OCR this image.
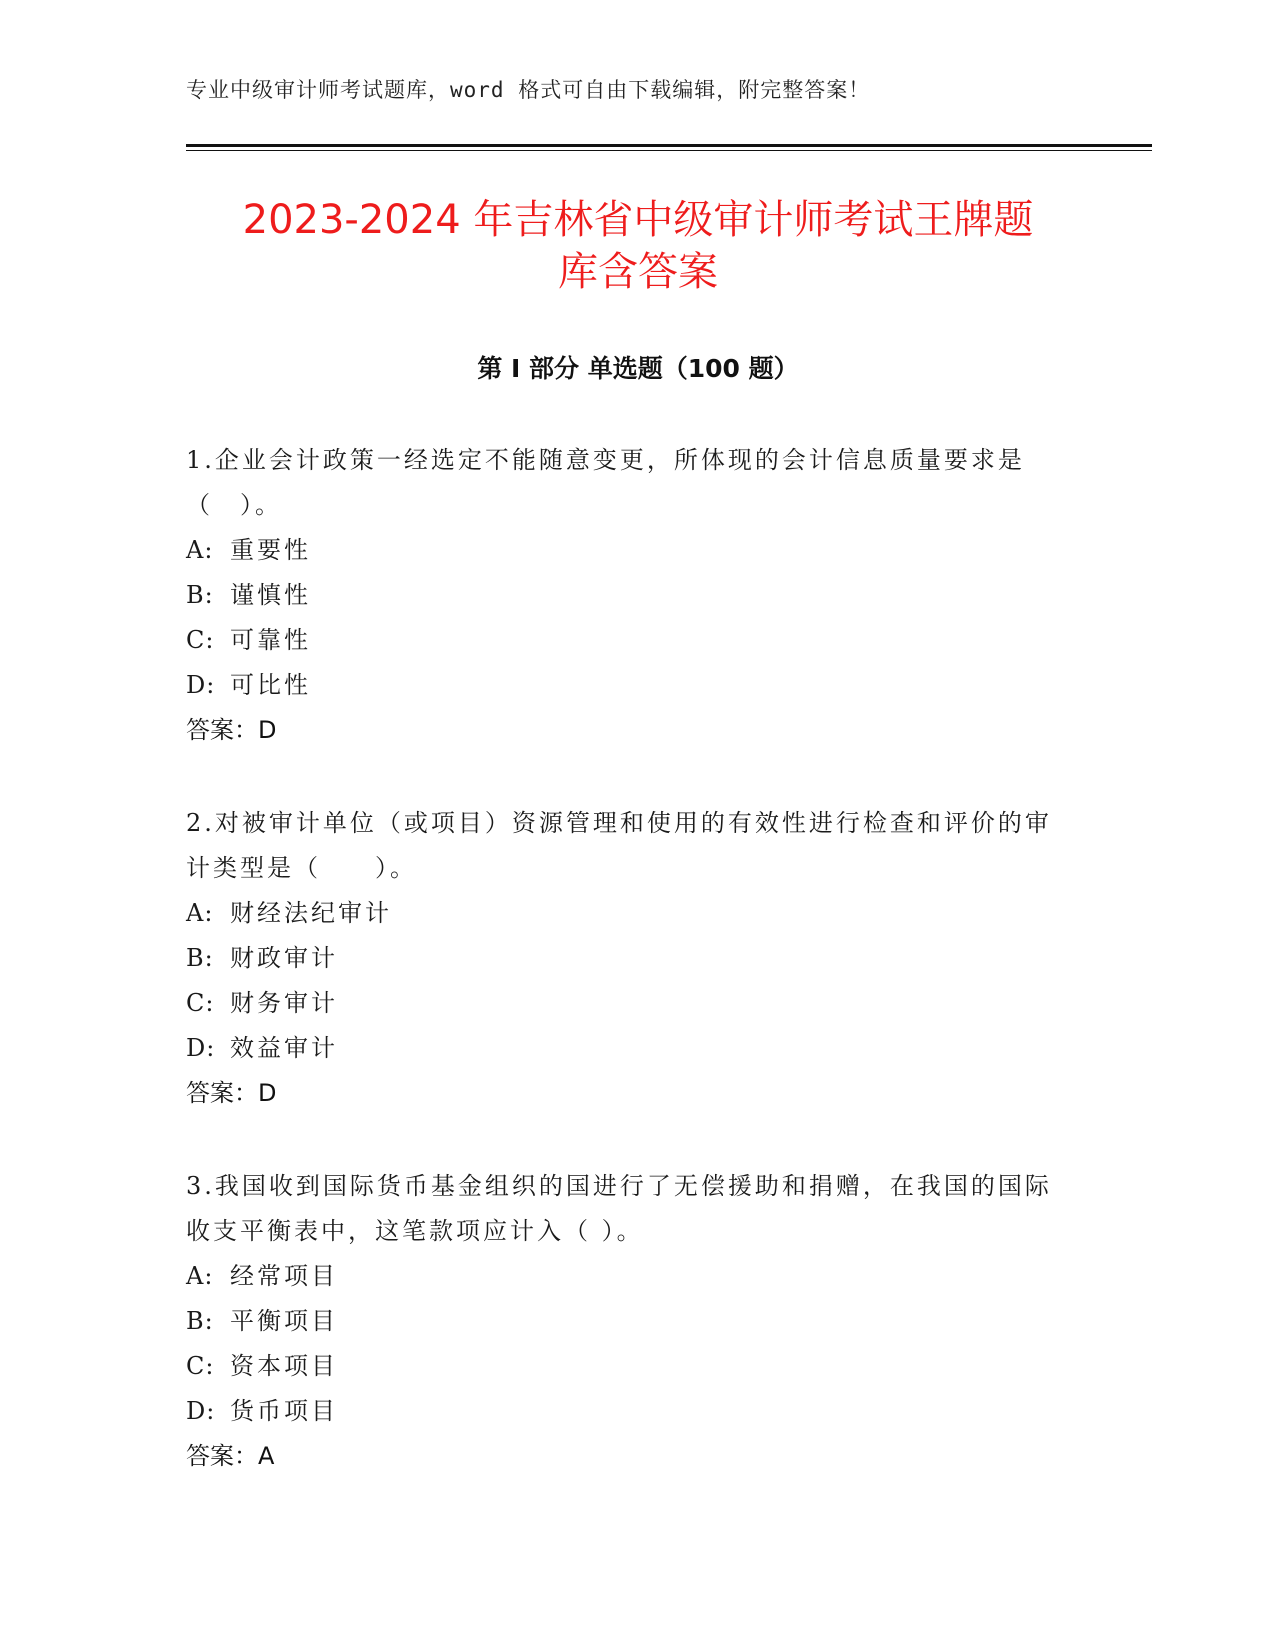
专业中级审计师考试题库，word 格式可自由下载编辑，附完整答案！
2023-2024 年吉林省中级审计师考试王牌题
库含答案
第 I 部分 单选题（100 题）

1.企业会计政策一经选定不能随意变更，所体现的会计信息质量要求是（　）。

A: 重要性

B: 谨慎性

C: 可靠性

D: 可比性

答案：D

2.对被审计单位（或项目）资源管理和使用的有效性进行检查和评价的审计类型是（　　）。

A: 财经法纪审计

B: 财政审计

C: 财务审计

D: 效益审计

答案：D

3.我国收到国际货币基金组织的国进行了无偿援助和捐赠，在我国的国际收支平衡表中，这笔款项应计入（ ）。

A: 经常项目

B: 平衡项目

C: 资本项目

D: 货币项目

答案：A
